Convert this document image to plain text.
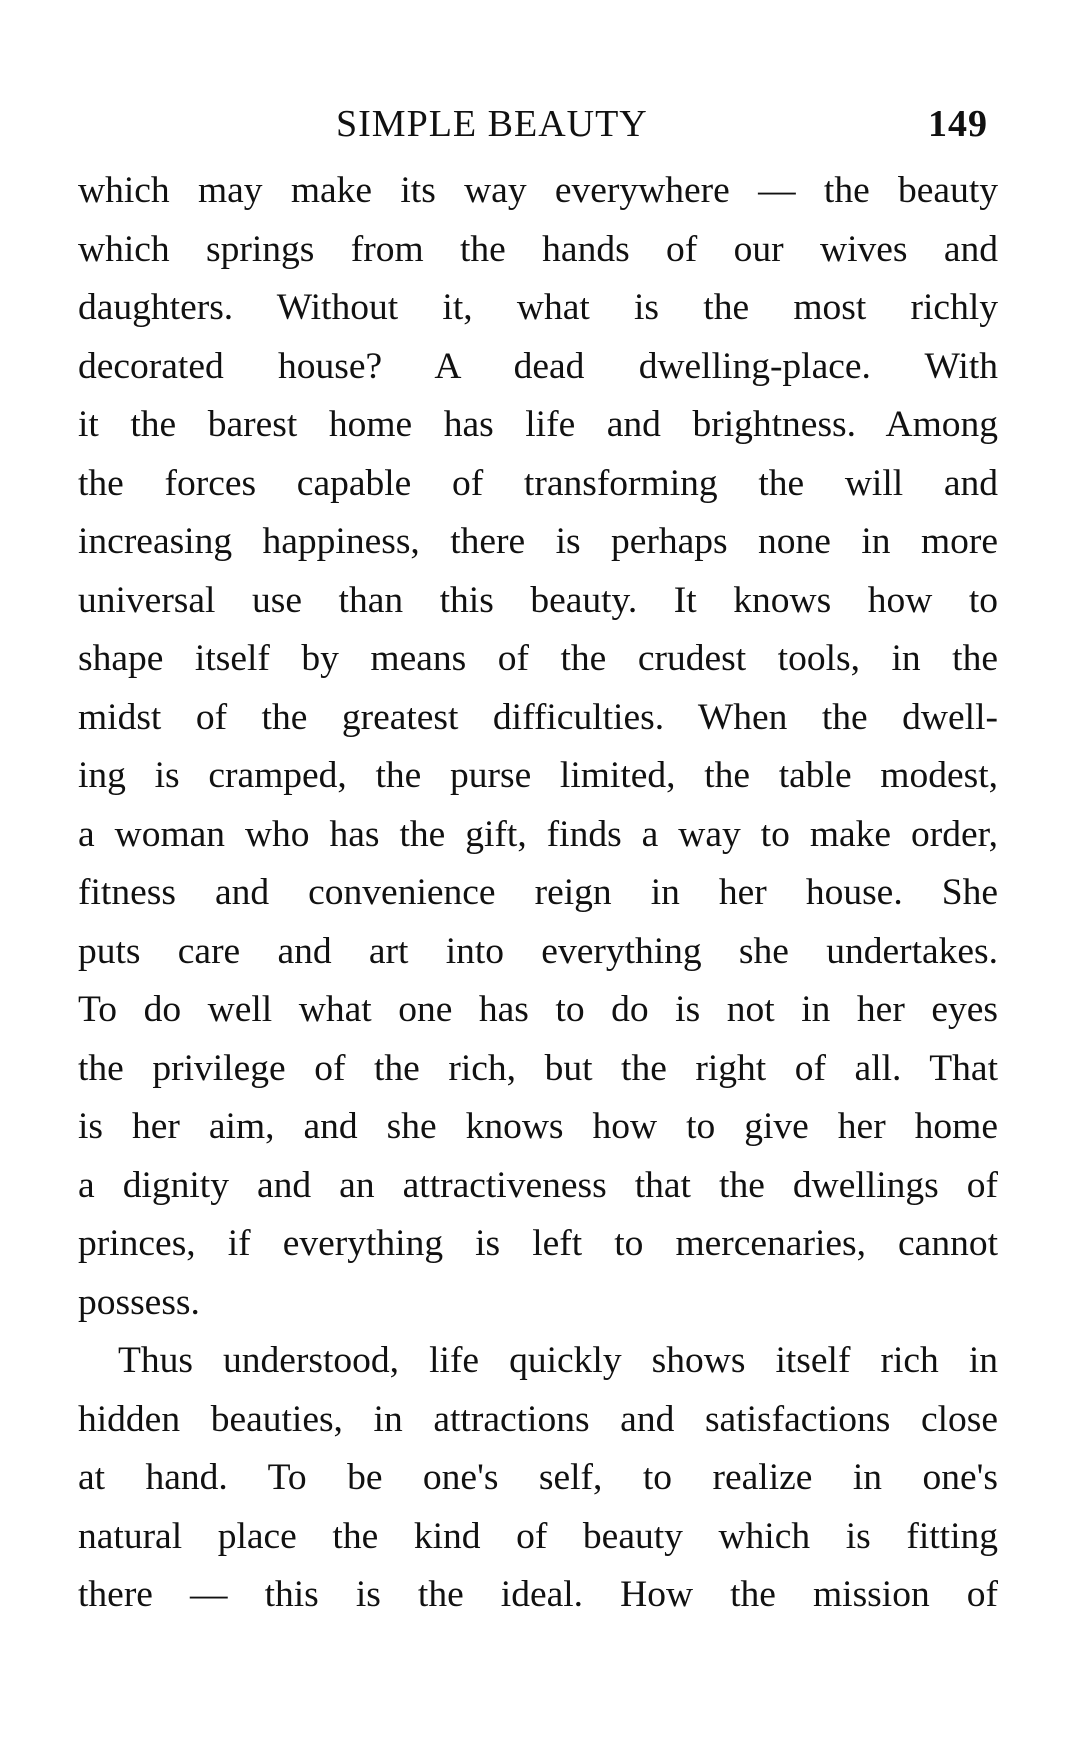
SIMPLE BEAUTY	149
which may make its way everywhere — the beauty
which springs from the hands of our wives and
daughters. Without it, what is the most richly
decorated house? A dead dwelling-place. With
it the barest home has life and brightness. Among
the forces capable of transforming the will and
increasing happiness, there is perhaps none in more
universal use than this beauty. It knows how to
shape itself by means of the crudest tools, in the
midst of the greatest difficulties. When the dwell-
ing is cramped, the purse limited, the table modest,
a woman who has the gift, finds a way to make order,
fitness and convenience reign in her house. She
puts care and art into everything she undertakes.
To do well what one has to do is not in her eyes
the privilege of the rich, but the right of all. That
is her aim, and she knows how to give her home
a dignity and an attractiveness that the dwellings of
princes, if everything is left to mercenaries, cannot
possess.
Thus understood, life quickly shows itself rich in
hidden beauties, in attractions and satisfactions close
at hand. To be one's self, to realize in one's
natural place the kind of beauty which is fitting
there — this is the ideal. How the mission of
